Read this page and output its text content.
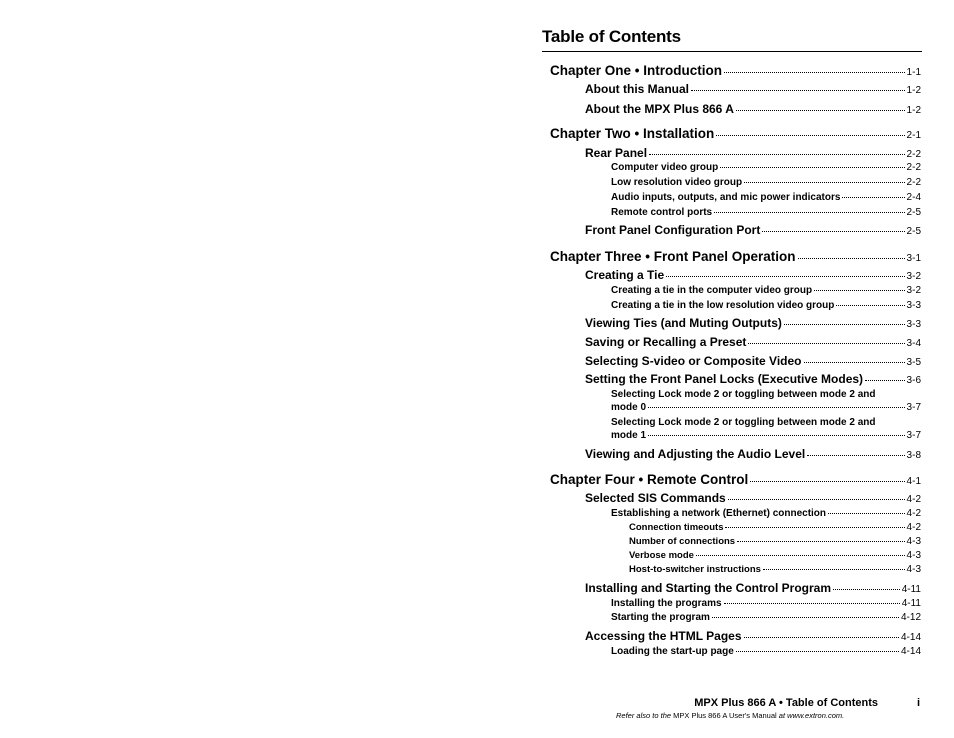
Table of Contents
Chapter One • Introduction	1-1
About this Manual	1-2
About the MPX Plus 866 A	1-2
Chapter Two • Installation	2-1
Rear Panel	2-2
Computer video group	2-2
Low resolution video group	2-2
Audio inputs, outputs, and mic power indicators	2-4
Remote control ports	2-5
Front Panel Configuration Port	2-5
Chapter Three • Front Panel Operation	3-1
Creating a Tie	3-2
Creating a tie in the computer video group	3-2
Creating a tie in the low resolution video group	3-3
Viewing Ties (and Muting Outputs)	3-3
Saving or Recalling a Preset	3-4
Selecting S-video or Composite Video	3-5
Setting the Front Panel Locks (Executive Modes)	3-6
Selecting Lock mode 2 or toggling between mode 2 and
mode 0	3-7
Selecting Lock mode 2 or toggling between mode 2 and
mode 1	3-7
Viewing and Adjusting the Audio Level	3-8
Chapter Four • Remote Control	4-1
Selected SIS Commands	4-2
Establishing a network (Ethernet) connection	4-2
Connection timeouts	4-2
Number of connections	4-3
Verbose mode	4-3
Host-to-switcher instructions	4-3
Installing and Starting the Control Program	4-11
Installing the programs	4-11
Starting the program	4-12
Accessing the HTML Pages	4-14
Loading the start-up page	4-14
MPX Plus 866 A • Table of Contents	i
Refer also to the MPX Plus 866 A User's Manual at www.extron.com.
